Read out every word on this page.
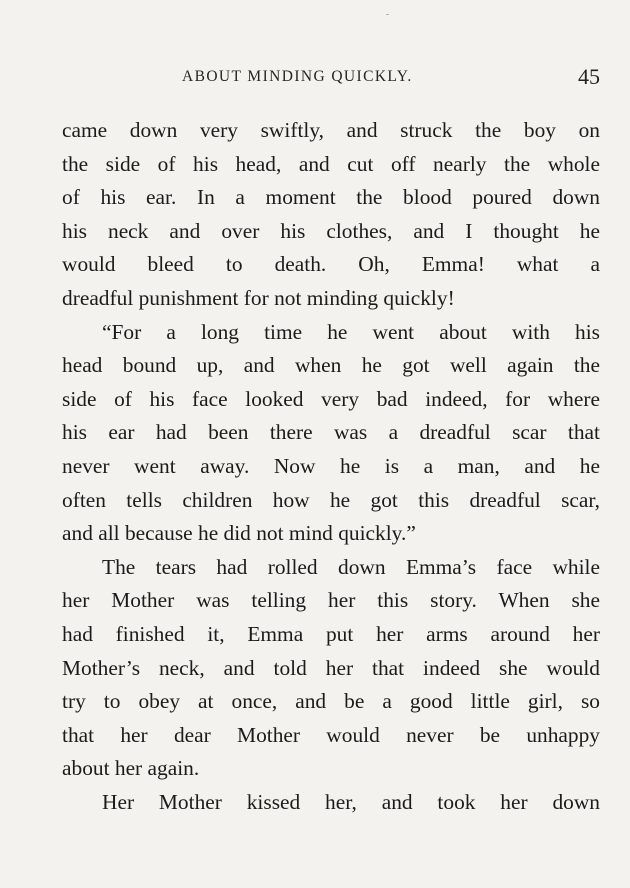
ABOUT MINDING QUICKLY.	45

came down very swiftly, and struck the boy on
the side of his head, and cut off nearly the whole
of his ear. In a moment the blood poured down
his neck and over his clothes, and I thought he
would bleed to death. Oh, Emma! what a
dreadful punishment for not minding quickly!

“For a long time he went about with his
head bound up, and when he got well again the
side of his face looked very bad indeed, for where
his ear had been there was a dreadful scar that
never went away. Now he is a man, and he
often tells children how he got this dreadful scar,
and all because he did not mind quickly.”

The tears had rolled down Emma’s face while
her Mother was telling her this story. When she
had finished it, Emma put her arms around her
Mother’s neck, and told her that indeed she would
try to obey at once, and be a good little girl, so
that her dear Mother would never be unhappy
about her again.

Her Mother kissed her, and took her down
